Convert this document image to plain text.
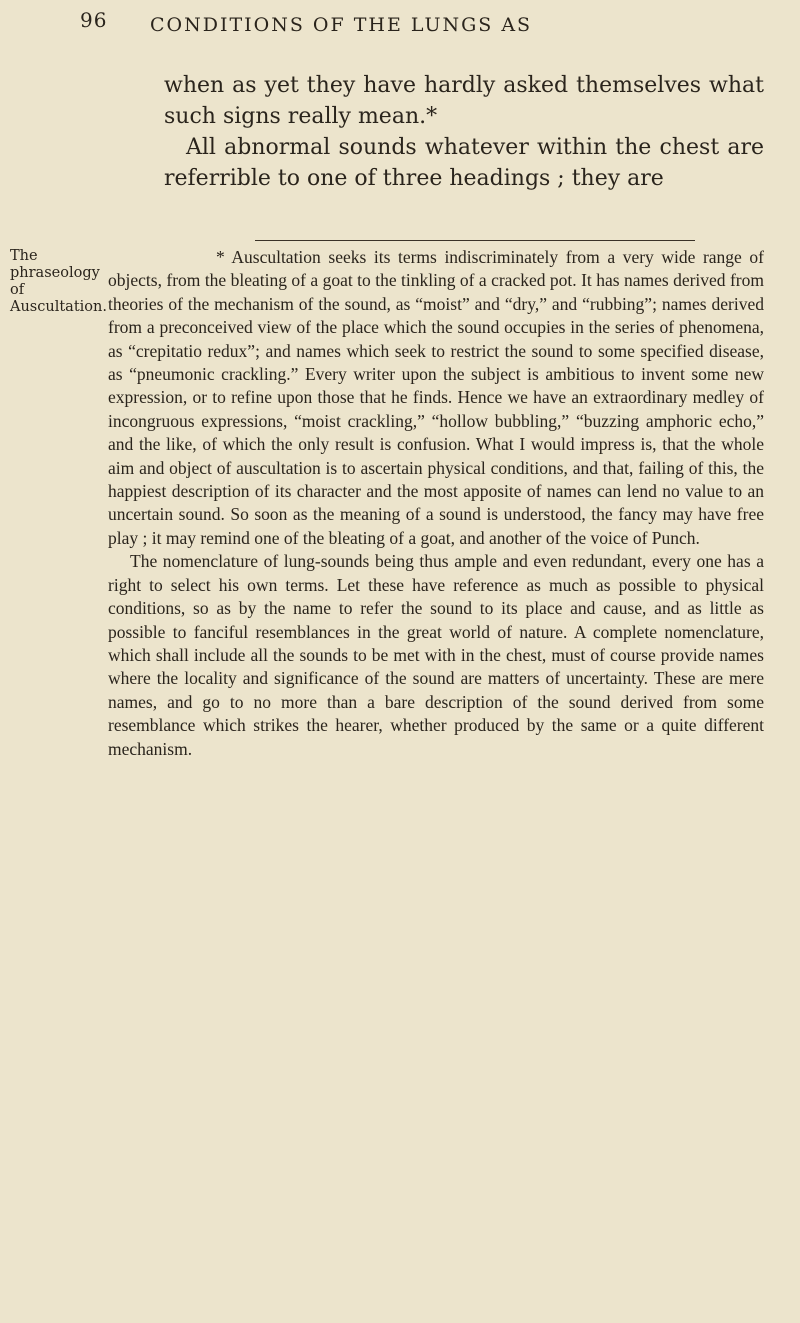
96 CONDITIONS OF THE LUNGS AS

when as yet they have hardly asked themselves what such signs really mean.*

All abnormal sounds whatever within the chest are referrible to one of three headings ; they are

The phraseology of Auscultation.

* Auscultation seeks its terms indiscriminately from a very wide range of objects, from the bleating of a goat to the tinkling of a cracked pot. It has names derived from theories of the mechanism of the sound, as “moist” and “dry,” and “rubbing”; names derived from a preconceived view of the place which the sound occupies in the series of phenomena, as “crepitatio redux”; and names which seek to restrict the sound to some specified disease, as “pneumonic crackling.” Every writer upon the subject is ambitious to invent some new expression, or to refine upon those that he finds. Hence we have an extraordinary medley of incongruous expressions, “moist crackling,” “hollow bubbling,” “buzzing amphoric echo,” and the like, of which the only result is confusion. What I would impress is, that the whole aim and object of auscultation is to ascertain physical conditions, and that, failing of this, the happiest description of its character and the most apposite of names can lend no value to an uncertain sound. So soon as the meaning of a sound is understood, the fancy may have free play ; it may remind one of the bleating of a goat, and another of the voice of Punch.

The nomenclature of lung-sounds being thus ample and even redundant, every one has a right to select his own terms. Let these have reference as much as possible to physical conditions, so as by the name to refer the sound to its place and cause, and as little as possible to fanciful resemblances in the great world of nature. A complete nomenclature, which shall include all the sounds to be met with in the chest, must of course provide names where the locality and significance of the sound are matters of uncertainty. These are mere names, and go to no more than a bare description of the sound derived from some resemblance which strikes the hearer, whether produced by the same or a quite different mechanism.
